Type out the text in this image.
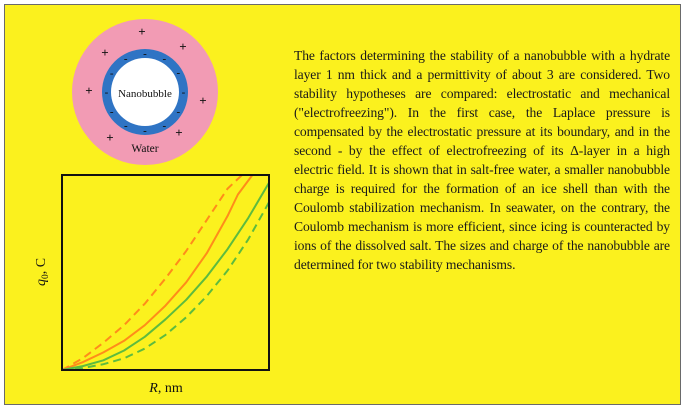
+
+
+
+
+
+	+
-
-
-
-
-
-
-
-
- - -
-
Nanobubble
Water
$q_0$, C
R, nm

The factors determining the stability of a nanobubble with a hydrate layer 1 nm thick and a permittivity of about 3 are considered. Two stability hypotheses are compared: electrostatic and mechanical ("electrofreezing"). In the first case, the Laplace pressure is compensated by the electrostatic pressure at its boundary, and in the second - by the effect of electrofreezing of its Δ-layer in a high electric field. It is shown that in salt-free water, a smaller nanobubble charge is required for the formation of an ice shell than with the Coulomb stabilization mechanism. In seawater, on the contrary, the Coulomb mechanism is more efficient, since icing is counteracted by ions of the dissolved salt. The sizes and charge of the nanobubble are determined for two stability mechanisms.
